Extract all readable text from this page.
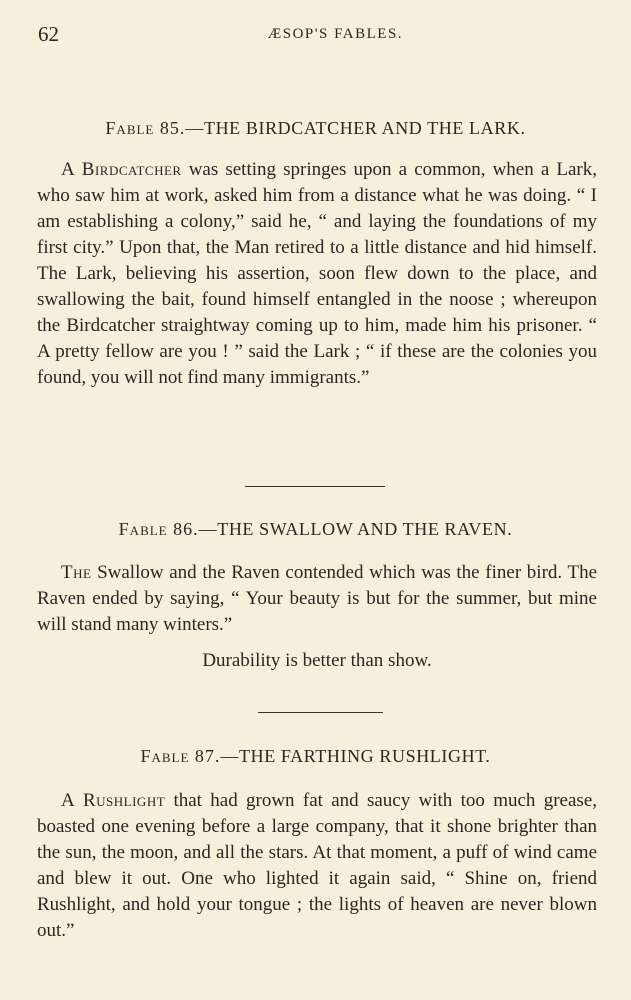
62	ÆSOP'S FABLES.
Fable 85.—THE BIRDCATCHER AND THE LARK.

A Birdcatcher was setting springes upon a common, when a Lark, who saw him at work, asked him from a distance what he was doing. “ I am establishing a colony,” said he, “ and laying the foundations of my first city.” Upon that, the Man retired to a little distance and hid himself. The Lark, believing his assertion, soon flew down to the place, and swallowing the bait, found himself entangled in the noose ; whereupon the Birdcatcher straightway coming up to him, made him his prisoner. “ A pretty fellow are you ! ” said the Lark ; “ if these are the colonies you found, you will not find many immigrants.”

Fable 86.—THE SWALLOW AND THE RAVEN.

The Swallow and the Raven contended which was the finer bird. The Raven ended by saying, “ Your beauty is but for the summer, but mine will stand many winters.”

Durability is better than show.
Fable 87.—THE FARTHING RUSHLIGHT.

A Rushlight that had grown fat and saucy with too much grease, boasted one evening before a large company, that it shone brighter than the sun, the moon, and all the stars. At that moment, a puff of wind came and blew it out. One who lighted it again said, “ Shine on, friend Rushlight, and hold your tongue ; the lights of heaven are never blown out.”
